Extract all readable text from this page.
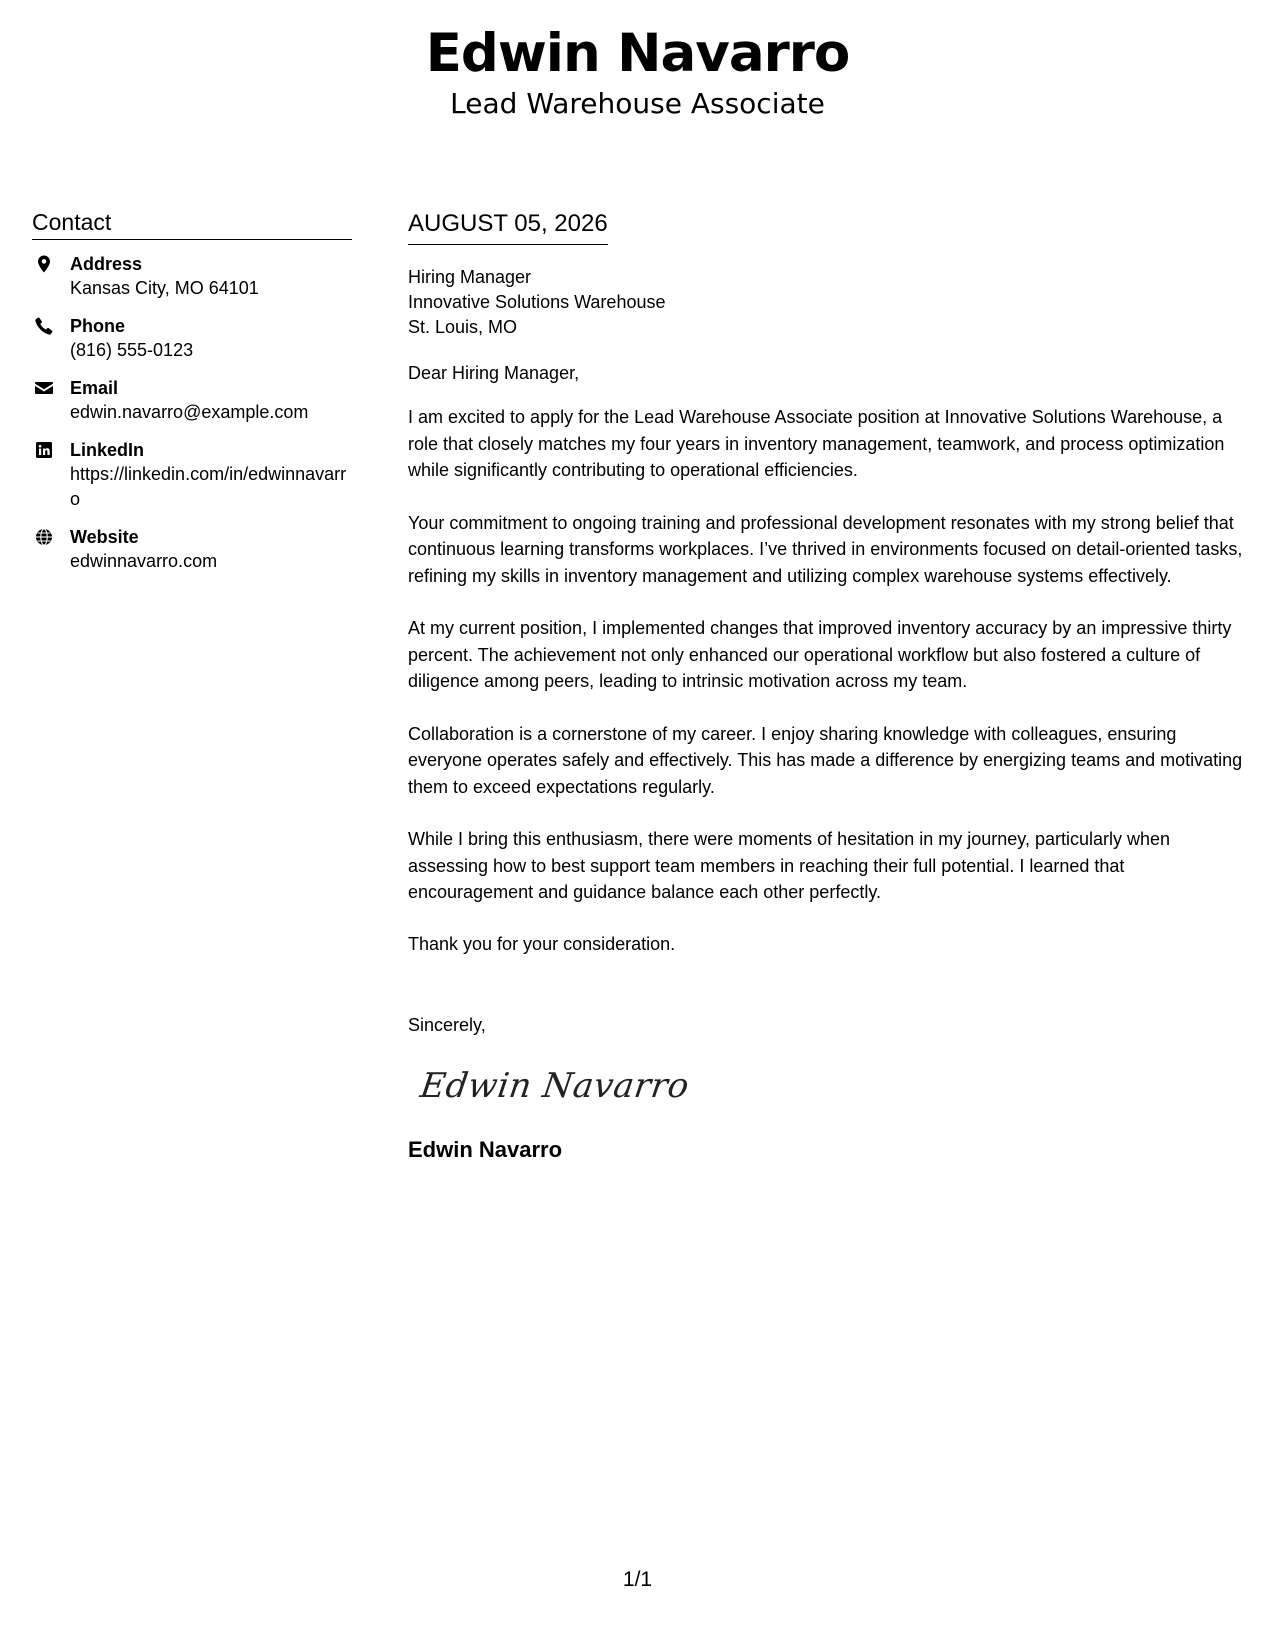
Edwin Navarro
Lead Warehouse Associate
Contact
Address
Kansas City, MO 64101
Phone
(816) 555-0123
Email
edwin.navarro@example.com
LinkedIn
https://linkedin.com/in/edwinnavarro
Website
edwinnavarro.com
AUGUST 05, 2026
Hiring Manager
Innovative Solutions Warehouse
St. Louis, MO
Dear Hiring Manager,

I am excited to apply for the Lead Warehouse Associate position at Innovative Solutions Warehouse, a role that closely matches my four years in inventory management, teamwork, and process optimization while significantly contributing to operational efficiencies.

Your commitment to ongoing training and professional development resonates with my strong belief that continuous learning transforms workplaces. I’ve thrived in environments focused on detail-oriented tasks, refining my skills in inventory management and utilizing complex warehouse systems effectively.

At my current position, I implemented changes that improved inventory accuracy by an impressive thirty percent. The achievement not only enhanced our operational workflow but also fostered a culture of diligence among peers, leading to intrinsic motivation across my team.

Collaboration is a cornerstone of my career. I enjoy sharing knowledge with colleagues, ensuring everyone operates safely and effectively. This has made a difference by energizing teams and motivating them to exceed expectations regularly.

While I bring this enthusiasm, there were moments of hesitation in my journey, particularly when assessing how to best support team members in reaching their full potential. I learned that encouragement and guidance balance each other perfectly.

Thank you for your consideration.

Sincerely,
Edwin Navarro
Edwin Navarro
1/1
